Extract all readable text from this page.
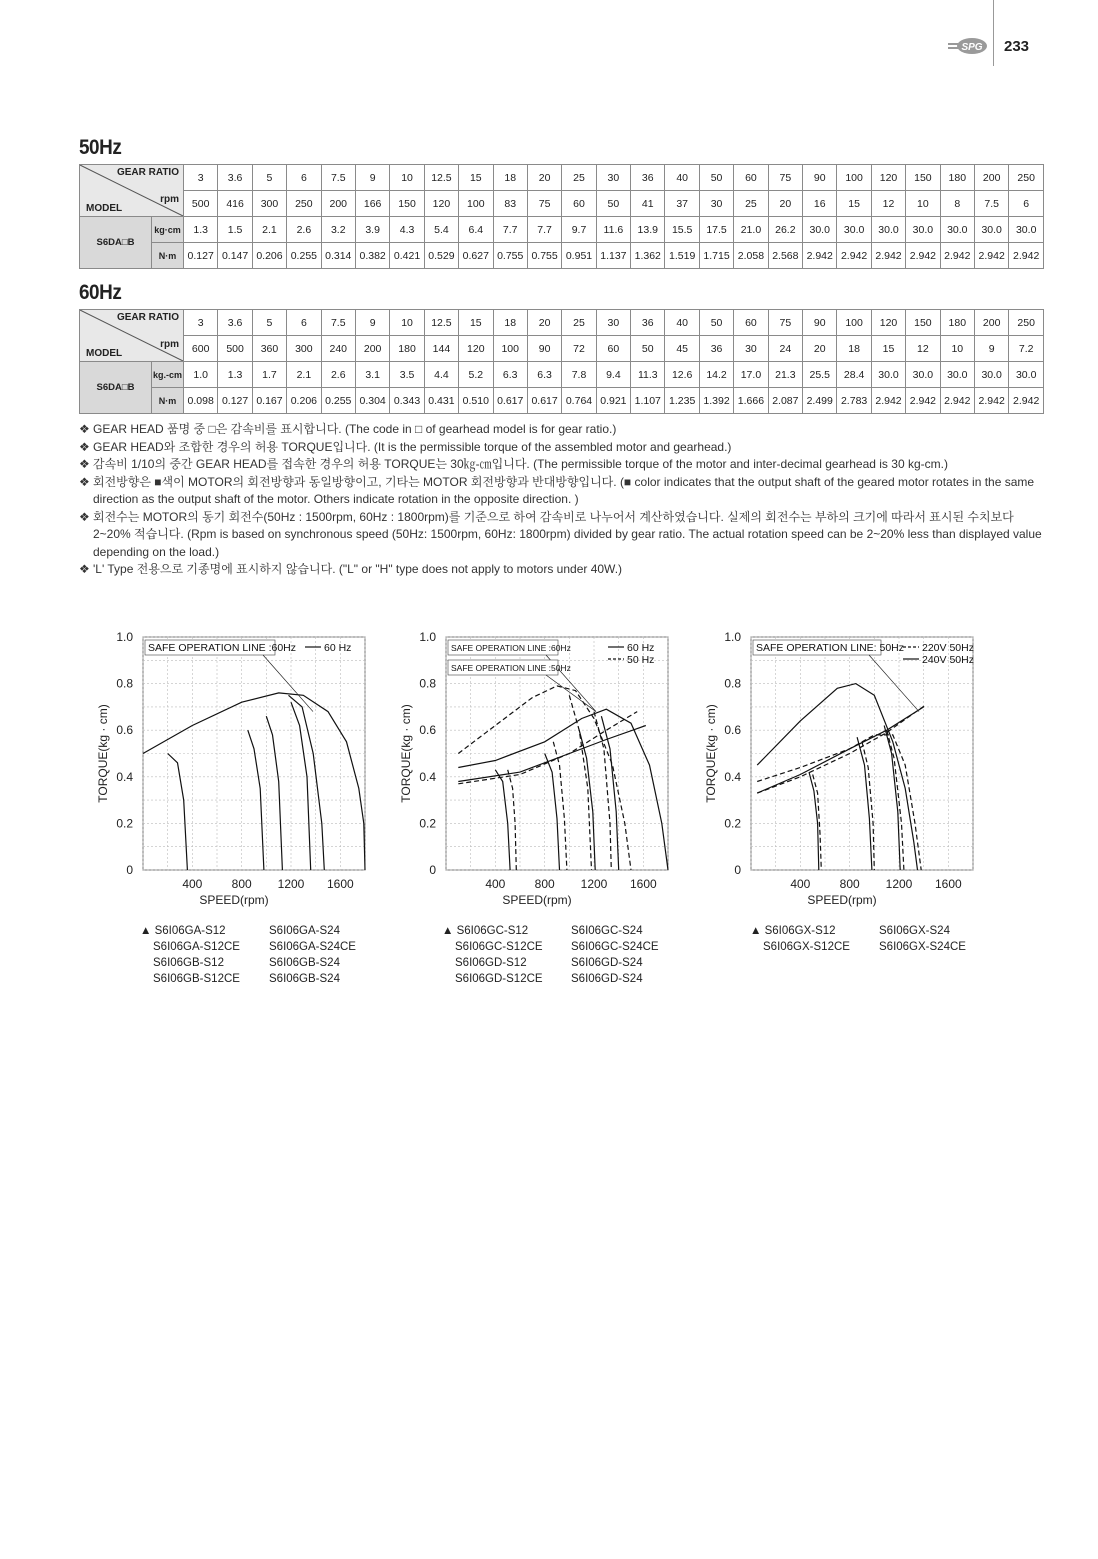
SPG 233
50Hz
GEAR RATIO
rpm
MODEL		3	3.6	5	6	7.5	9	10	12.5	15	18	20	25	30	36	40	50	60	75	90	100	120	150	180	200	250
		500	416	300	250	200	166	150	120	100	83	75	60	50	41	37	30	25	20	16	15	12	10	8	7.5	6
S6DA□B	kg·cm	1.3	1.5	2.1	2.6	3.2	3.9	4.3	5.4	6.4	7.7	7.7	9.7	11.6	13.9	15.5	17.5	21.0	26.2	30.0	30.0	30.0	30.0	30.0	30.0	30.0
	N·m	0.127	0.147	0.206	0.255	0.314	0.382	0.421	0.529	0.627	0.755	0.755	0.951	1.137	1.362	1.519	1.715	2.058	2.568	2.942	2.942	2.942	2.942	2.942	2.942	2.942
60Hz
GEAR RATIO
rpm
MODEL		3	3.6	5	6	7.5	9	10	12.5	15	18	20	25	30	36	40	50	60	75	90	100	120	150	180	200	250
		600	500	360	300	240	200	180	144	120	100	90	72	60	50	45	36	30	24	20	18	15	12	10	9	7.2
S6DA□B	kg.-cm	1.0	1.3	1.7	2.1	2.6	3.1	3.5	4.4	5.2	6.3	6.3	7.8	9.4	11.3	12.6	14.2	17.0	21.3	25.5	28.4	30.0	30.0	30.0	30.0	30.0
	N·m	0.098	0.127	0.167	0.206	0.255	0.304	0.343	0.431	0.510	0.617	0.617	0.764	0.921	1.107	1.235	1.392	1.666	2.087	2.499	2.783	2.942	2.942	2.942	2.942	2.942
❖ GEAR HEAD 품명 중 □은 감속비를 표시합니다. (The code in □ of gearhead model is for gear ratio.)
❖ GEAR HEAD와 조합한 경우의 허용 TORQUE입니다. (It is the permissible torque of the assembled motor and gearhead.)
❖ 감속비 1/10의 중간 GEAR HEAD를 접속한 경우의 허용 TORQUE는 30㎏-㎝입니다. (The permissible torque of the motor and inter-decimal gearhead is 30 kg-cm.)
❖ 회전방향은 ■색이 MOTOR의 회전방향과 동일방향이고, 기타는 MOTOR 회전방향과 반대방향입니다. (■ color indicates that the output shaft of the geared motor rotates in the same direction as the output shaft of the motor. Others indicate rotation in the opposite direction. )
❖ 회전수는 MOTOR의 동기 회전수(50Hz : 1500rpm, 60Hz : 1800rpm)를 기준으로 하여 감속비로 나누어서 계산하였습니다. 실제의 회전수는 부하의 크기에 따라서 표시된 수치보다 2~20% 적습니다. (Rpm is based on synchronous speed (50Hz: 1500rpm, 60Hz: 1800rpm) divided by gear ratio. The actual rotation speed can be 2~20% less than displayed value depending on the load.)
❖ 'L' Type 전용으로 기종명에 표시하지 않습니다. ("L" or "H" type does not apply to motors under 40W.)
0
0.2
0.4
0.6
0.8
1.0
400 800 1200 1600
SPEED(rpm)
TORQUE(kg · cm)
SAFE OPERATION LINE :60Hz	60 Hz
0
0.2
0.4
0.6
0.8
1.0
400 800 1200 1600
SPEED(rpm)
TORQUE(kg · cm)
SAFE OPERATION LINE :60Hz
SAFE OPERATION LINE :50Hz
60 Hz
50 Hz
0
0.2
0.4
0.6
0.8
1.0
400 800 1200 1600
SPEED(rpm)
TORQUE(kg · cm)
SAFE OPERATION LINE: 50Hz 220V 50Hz
240V 50Hz
▲ S6I06GA-S12	S6I06GA-S24
S6I06GA-S12CE	S6I06GA-S24CE
S6I06GB-S12	S6I06GB-S24
S6I06GB-S12CE	S6I06GB-S24
▲ S6I06GC-S12	S6I06GC-S24
S6I06GC-S12CE	S6I06GC-S24CE
S6I06GD-S12	S6I06GD-S24
S6I06GD-S12CE	S6I06GD-S24
▲ S6I06GX-S12	S6I06GX-S24
S6I06GX-S12CE	S6I06GX-S24CE
